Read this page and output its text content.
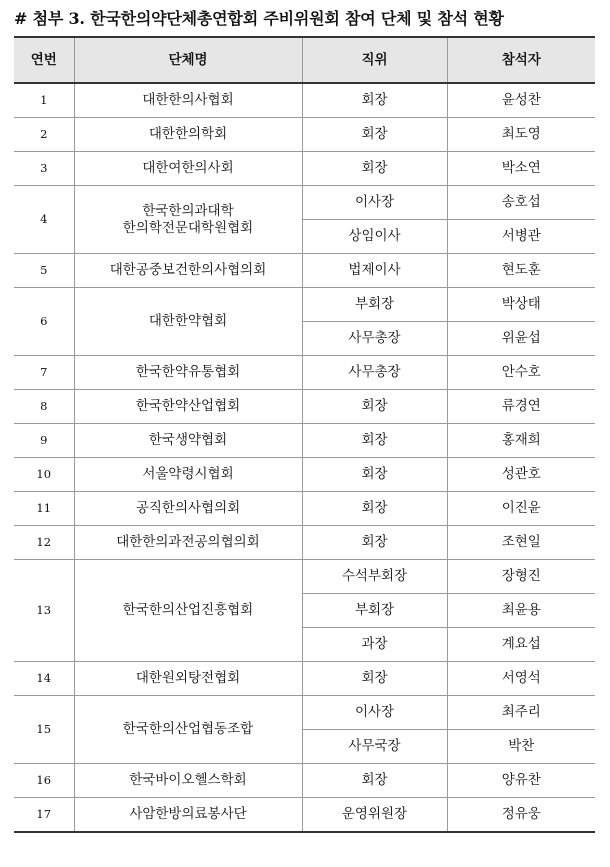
# 첨부 3. 한국한의약단체총연합회 주비위원회 참여 단체 및 참석 현황
연번	단체명	직위	참석자
1	대한한의사협회	회장	윤성찬
2	대한한의학회	회장	최도영
3	대한여한의사회	회장	박소연
4	한국한의과대학
한의학전문대학원협회	이사장	송호섭
		상임이사	서병관
5	대한공중보건한의사협의회	법제이사	현도훈
6	대한한약협회	부회장	박상태
		사무총장	위윤섭
7	한국한약유통협회	사무총장	안수호
8	한국한약산업협회	회장	류경연
9	한국생약협회	회장	홍재희
10	서울약령시협회	회장	성관호
11	공직한의사협의회	회장	이진윤
12	대한한의과전공의협의회	회장	조현일
13	한국한의산업진흥협회	수석부회장	장형진
		부회장	최윤용
		과장	계요섭
14	대한원외탕전협회	회장	서영석
15	한국한의산업협동조합	이사장	최주리
		사무국장	박찬
16	한국바이오헬스학회	회장	양유찬
17	사암한방의료봉사단	운영위원장	정유웅
